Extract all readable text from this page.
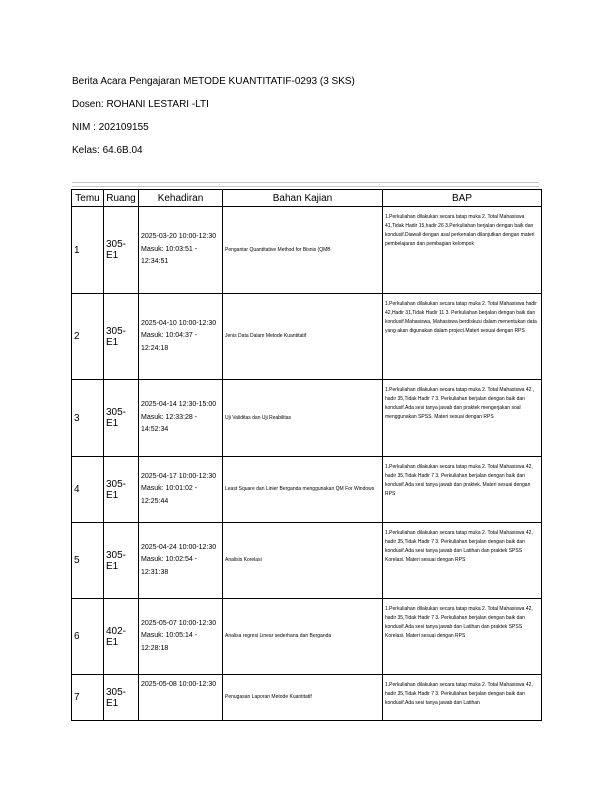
Berita Acara Pengajaran METODE KUANTITATIF-0293 (3 SKS)
Dosen: ROHANI LESTARI -LTI
NIM : 202109155
Kelas: 64.6B.04
Temu	Ruang	Kehadiran	Bahan Kajian	BAP
1	305-E1	2025-03-20 10:00-12:30
Masuk: 10:03:51 - 12:34:51	Pengantar Quantitative Method for Bisnis (QMB	1.Perkuliahan dilakukan secara tatap muka 2. Total Mahasiswa 41,Tidak Hadir 15,hadir 26 3.Perkuliahan berjalan dengan baik dan kondusif.Diawali dengan asal perkenalan dilanjutkan dengan materi pembelajaran dan pembagian kelompok
2	305-E1	2025-04-10 10:00-12:30
Masuk: 10:04:37 - 12:24:18	Jenis Data Dalam Metode Kuantitatif	1.Perkuliahan dilakukan secara tatap muka 2. Total Mahasiswa hadir 42,Hadir 31,Tidak Hadir 11 3. Perkuliahan berjalan dengan baik dan kondusif.Mahasiswa, Mahasiswa berdiskusi dalam menentukan data yang akan digunakan dalam project.Materi sesuai dengan RPS
3	305-E1	2025-04-14 12:30-15:00
Masuk: 12:33:28 - 14:52:34	Uji Validitas dan Uji Reabilitas	1.Perkuliahan dilakukan secara tatap muka 2. Total Mahasiswa 42 , hadir 35,Tidak Hadir 7 3. Perkuliahan berjalan dengan baik dan kondusif.Ada sesi tanya jawab dan praktek mengerjakan soal menggunakan SPSS. Materi sesuai dengan RPS
4	305-E1	2025-04-17 10:00-12:30
Masuk: 10:01:02 - 12:25:44	Least Square dan Linier Berganda menggunakan QM For Windows	1.Perkuliahan dilakukan secara tatap muka 2. Total Mahasiswa 42, hadir 35,Tidak Hadir 7 3. Perkuliahan berjalan dengan baik dan kondusif.Ada sesi tanya jawab dan praktek. Materi sesuai dengan RPS
5	305-E1	2025-04-24 10:00-12:30
Masuk: 10:02:54 - 12:31:38	Analisis Korelasi	1.Perkuliahan dilakukan secara tatap muka 2. Total Mahasiswa 42, hadir 35,Tidak Hadir 7 3. Perkuliahan berjalan dengan baik dan kondusif.Ada sesi tanya jawab dan Latihan dan praktek SPSS Korelasi. Materi sesuai dengan RPS
6	402-E1	2025-05-07 10:00-12:30
Masuk: 10:05:14 - 12:28:18	Analisa regresi Linear sederhana dan Berganda	1.Perkuliahan dilakukan secara tatap muka 2. Total Mahasiswa 42, hadir 35,Tidak Hadir 7 3. Perkuliahan berjalan dengan baik dan kondusif.Ada sesi tanya jawab dan Latihan dan praktek SPSS Korelasi. Materi sesuai dengan RPS
7	305-E1	2025-05-08 10:00-12:30	Penugasan Laporan Metode Kuantitatif	1.Perkuliahan dilakukan secara tatap muka 2. Total Mahasiswa 42, hadir 35,Tidak Hadir 7 3. Perkuliahan berjalan dengan baik dan kondusif.Ada sesi tanya jawab dan Latihan
